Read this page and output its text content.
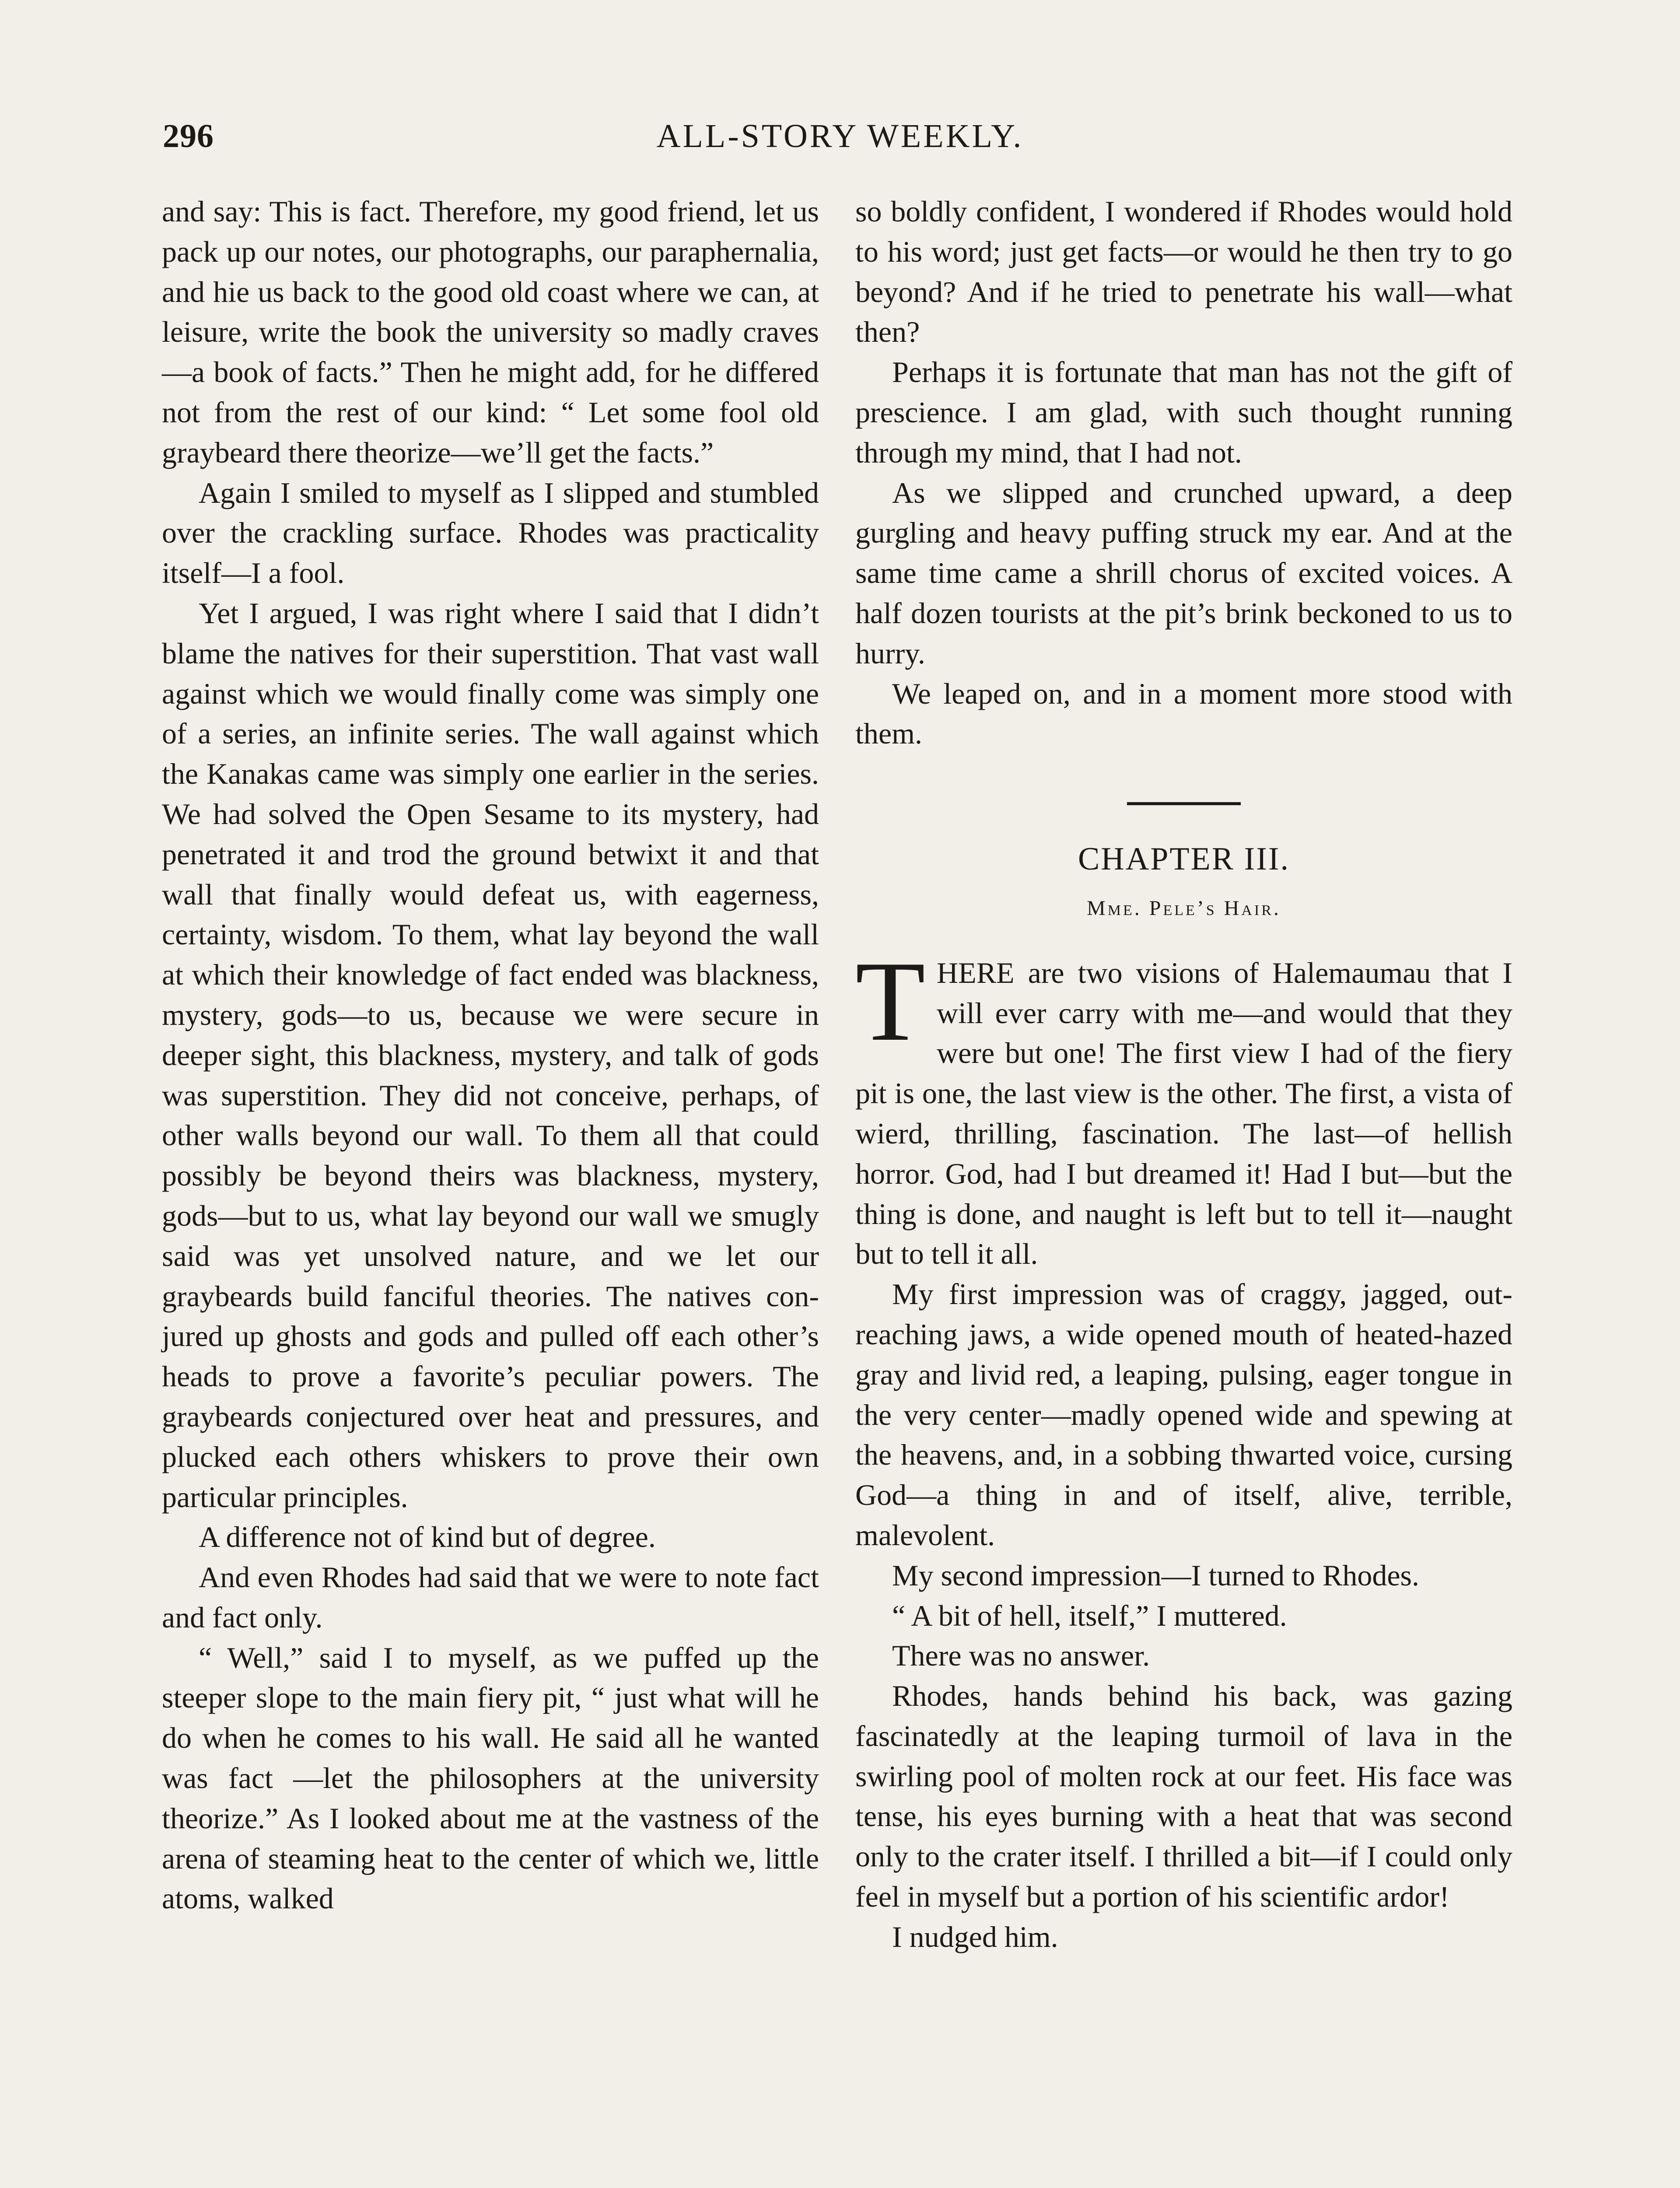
296	ALL-STORY WEEKLY.

and say: This is fact. Therefore, my good friend, let us pack up our notes, our photographs, our paraphernalia, and hie us back to the good old coast where we can, at leisure, write the book the university so madly craves—a book of facts.” Then he might add, for he differed not from the rest of our kind: “ Let some fool old graybeard there theorize—we’ll get the facts.”

Again I smiled to myself as I slipped and stumbled over the crackling surface. Rhodes was practicality itself—I a fool.

Yet I argued, I was right where I said that I didn’t blame the natives for their superstition. That vast wall against which we would finally come was simply one of a series, an infinite series. The wall against which the Kanakas came was simply one earlier in the series. We had solved the Open Sesame to its mystery, had penetrated it and trod the ground betwixt it and that wall that finally would defeat us, with eagerness, certainty, wisdom. To them, what lay beyond the wall at which their knowledge of fact ended was blackness, mystery, gods—to us, because we were secure in deeper sight, this blackness, mystery, and talk of gods was superstition. They did not conceive, perhaps, of other walls beyond our wall. To them all that could possibly be beyond theirs was blackness, mystery, gods—but to us, what lay beyond our wall we smugly said was yet unsolved nature, and we let our graybeards build fanciful theories. The natives conjured up ghosts and gods and pulled off each other’s heads to prove a favorite’s peculiar powers. The graybeards conjectured over heat and pressures, and plucked each others whiskers to prove their own particular principles.

A difference not of kind but of degree.

And even Rhodes had said that we were to note fact and fact only.

“ Well,” said I to myself, as we puffed up the steeper slope to the main fiery pit, “ just what will he do when he comes to his wall. He said all he wanted was fact —let the philosophers at the university theorize.” As I looked about me at the vastness of the arena of steaming heat to the center of which we, little atoms, walked

so boldly confident, I wondered if Rhodes would hold to his word; just get facts—or would he then try to go beyond? And if he tried to penetrate his wall—what then?

Perhaps it is fortunate that man has not the gift of prescience. I am glad, with such thought running through my mind, that I had not.

As we slipped and crunched upward, a deep gurgling and heavy puffing struck my ear. And at the same time came a shrill chorus of excited voices. A half dozen tourists at the pit’s brink beckoned to us to hurry.

We leaped on, and in a moment more stood with them.

CHAPTER III.
Mme. Pele’s Hair.

THERE are two visions of Halemaumau that I will ever carry with me—and would that they were but one! The first view I had of the fiery pit is one, the last view is the other. The first, a vista of wierd, thrilling, fascination. The last—of hellish horror. God, had I but dreamed it! Had I but—but the thing is done, and naught is left but to tell it—naught but to tell it all.

My first impression was of craggy, jagged, out-reaching jaws, a wide opened mouth of heated-hazed gray and livid red, a leaping, pulsing, eager tongue in the very center—madly opened wide and spewing at the heavens, and, in a sobbing thwarted voice, cursing God—a thing in and of itself, alive, terrible, malevolent.

My second impression—I turned to Rhodes.

“ A bit of hell, itself,” I muttered.

There was no answer.

Rhodes, hands behind his back, was gazing fascinatedly at the leaping turmoil of lava in the swirling pool of molten rock at our feet. His face was tense, his eyes burning with a heat that was second only to the crater itself. I thrilled a bit—if I could only feel in myself but a portion of his scientific ardor!

I nudged him.
